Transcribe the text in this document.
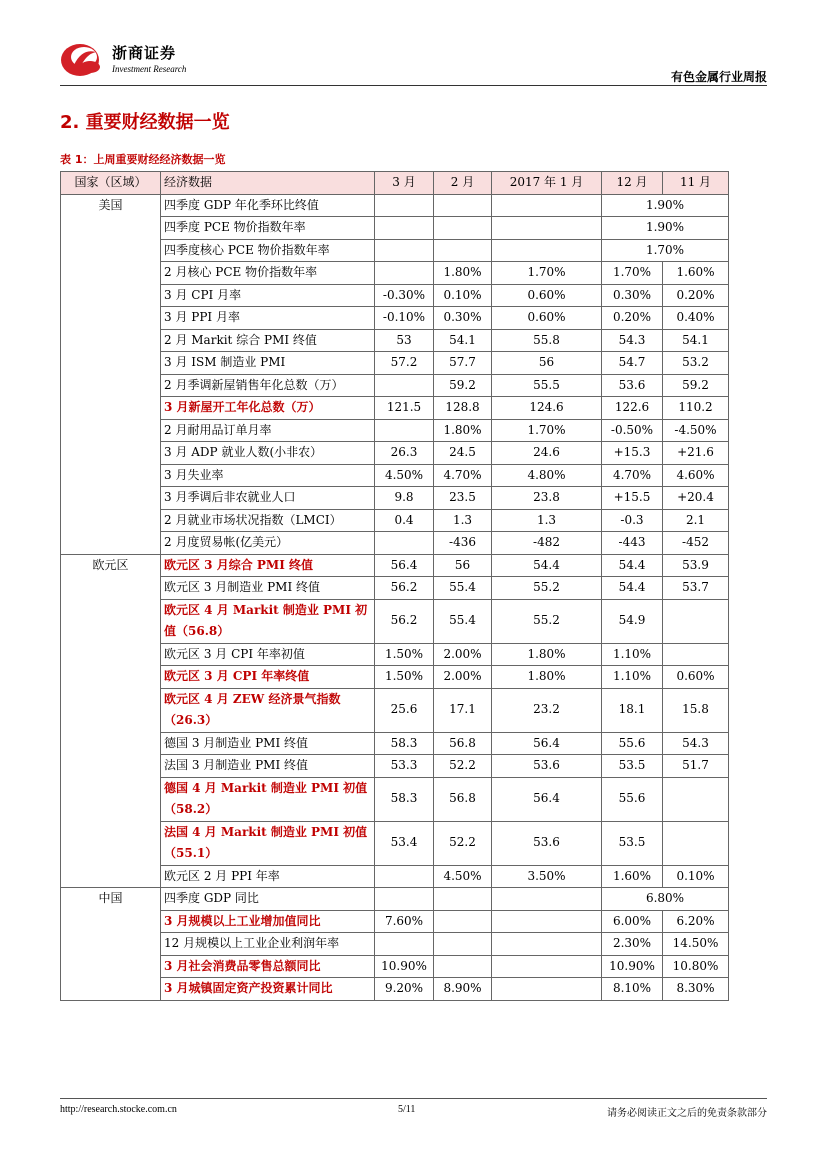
浙商证券
Investment Research
有色金属行业周报
2. 重要财经数据一览
表 1：上周重要财经经济数据一览
国家（区域）	经济数据	3 月	2 月	2017 年 1 月	12 月	11 月
美国	四季度 GDP 年化季环比终值				1.90%	
	四季度 PCE 物价指数年率				1.90%	
	四季度核心 PCE 物价指数年率				1.70%	
	2 月核心 PCE 物价指数年率		1.80%	1.70%	1.70%	1.60%
	3 月 CPI 月率	-0.30%	0.10%	0.60%	0.30%	0.20%
	3 月 PPI 月率	-0.10%	0.30%	0.60%	0.20%	0.40%
	2 月 Markit 综合 PMI 终值	53	54.1	55.8	54.3	54.1
	3 月 ISM 制造业 PMI	57.2	57.7	56	54.7	53.2
	2 月季调新屋销售年化总数（万）		59.2	55.5	53.6	59.2
	3 月新屋开工年化总数（万）	121.5	128.8	124.6	122.6	110.2
	2 月耐用品订单月率		1.80%	1.70%	-0.50%	-4.50%
	3 月 ADP 就业人数(小非农）	26.3	24.5	24.6	+15.3	+21.6
	3 月失业率	4.50%	4.70%	4.80%	4.70%	4.60%
	3 月季调后非农就业人口	9.8	23.5	23.8	+15.5	+20.4
	2 月就业市场状况指数（LMCI）	0.4	1.3	1.3	-0.3	2.1
	2 月度贸易帐(亿美元）		-436	-482	-443	-452
欧元区	欧元区 3 月综合 PMI 终值	56.4	56	54.4	54.4	53.9
	欧元区 3 月制造业 PMI 终值	56.2	55.4	55.2	54.4	53.7
	欧元区 4 月 Markit 制造业 PMI 初值（56.8）	56.2	55.4	55.2	54.9	
	欧元区 3 月 CPI 年率初值	1.50%	2.00%	1.80%	1.10%	
	欧元区 3 月 CPI 年率终值	1.50%	2.00%	1.80%	1.10%	0.60%
	欧元区 4 月 ZEW 经济景气指数（26.3）	25.6	17.1	23.2	18.1	15.8
	德国 3 月制造业 PMI 终值	58.3	56.8	56.4	55.6	54.3
	法国 3 月制造业 PMI 终值	53.3	52.2	53.6	53.5	51.7
	德国 4 月 Markit 制造业 PMI 初值（58.2）	58.3	56.8	56.4	55.6	
	法国 4 月 Markit 制造业 PMI 初值（55.1）	53.4	52.2	53.6	53.5	
	欧元区 2 月 PPI 年率		4.50%	3.50%	1.60%	0.10%
中国	四季度 GDP 同比				6.80%	
	3 月规模以上工业增加值同比	7.60%			6.00%	6.20%
	12 月规模以上工业企业利润年率				2.30%	14.50%
	3 月社会消费品零售总额同比	10.90%			10.90%	10.80%
	3 月城镇固定资产投资累计同比	9.20%	8.90%		8.10%	8.30%
http://research.stocke.com.cn	5/11	请务必阅读正文之后的免责条款部分
